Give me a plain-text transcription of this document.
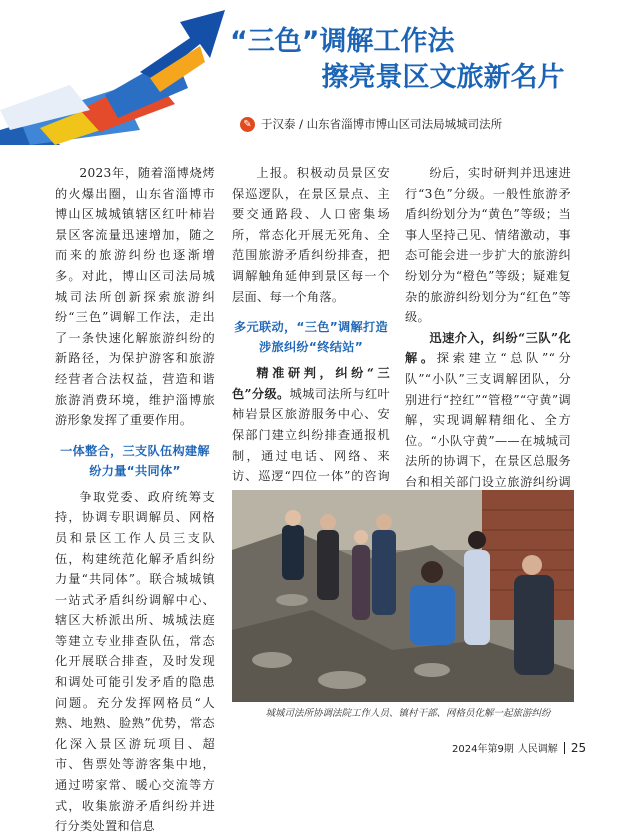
“三色”调解工作法
擦亮景区文旅新名片
✎ 于汉泰 / 山东省淄博市博山区司法局城城司法所

2023年，随着淄博烧烤的火爆出圈，山东省淄博市博山区城城镇辖区红叶柿岩景区客流量迅速增加，随之而来的旅游纠纷也逐渐增多。对此，博山区司法局城城司法所创新探索旅游纠纷“三色”调解工作法，走出了一条快速化解旅游纠纷的新路径，为保护游客和旅游经营者合法权益，营造和谐旅游消费环境，维护淄博旅游形象发挥了重要作用。

一体整合，三支队伍构建解纷力量“共同体”

争取党委、政府统筹支持，协调专职调解员、网格员和景区工作人员三支队伍，构建统范化解矛盾纠纷力量“共同体”。联合城城镇一站式矛盾纠纷调解中心、辖区大桥派出所、城城法庭等建立专业排查队伍，常态化开展联合排查，及时发现和调处可能引发矛盾的隐患问题。充分发挥网格员“人熟、地熟、脸熟”优势，常态化深入景区游玩项目、超市、售票处等游客集中地，通过唠家常、暖心交流等方式，收集旅游矛盾纠纷并进行分类处置和信息

上报。积极动员景区安保巡逻队，在景区景点、主要交通路段、人口密集场所，常态化开展无死角、全范围旅游矛盾纠纷排查，把调解触角延伸到景区每一个层面、每一个角落。

多元联动，“三色”调解打造涉旅纠纷“终结站”

精准研判，纠纷“三色”分级。城城司法所与红叶柿岩景区旅游服务中心、安保部门建立纠纷排查通报机制，通过电话、网络、来访、巡逻“四位一体”的咨询

纷后，实时研判并迅速进行“3色”分级。一般性旅游矛盾纠纷划分为“黄色”等级；当事人坚持己见、情绪激动，事态可能会进一步扩大的旅游纠纷划分为“橙色”等级；疑难复杂的旅游纠纷划分为“红色”等级。

迅速介入，纠纷“三队”化解。探索建立“总队”“分队”“小队”三支调解团队，分别进行“控红”“管橙”“守黄”调解，实现调解精细化、全方位。“小队守黄”——在城城司法所的协调下，在景区总服务台和相关部门设立旅游纠纷调

城城司法所协调法院工作人员、镇村干部、网格员化解一起旅游纠纷
2024年第9期 人民调解 25
